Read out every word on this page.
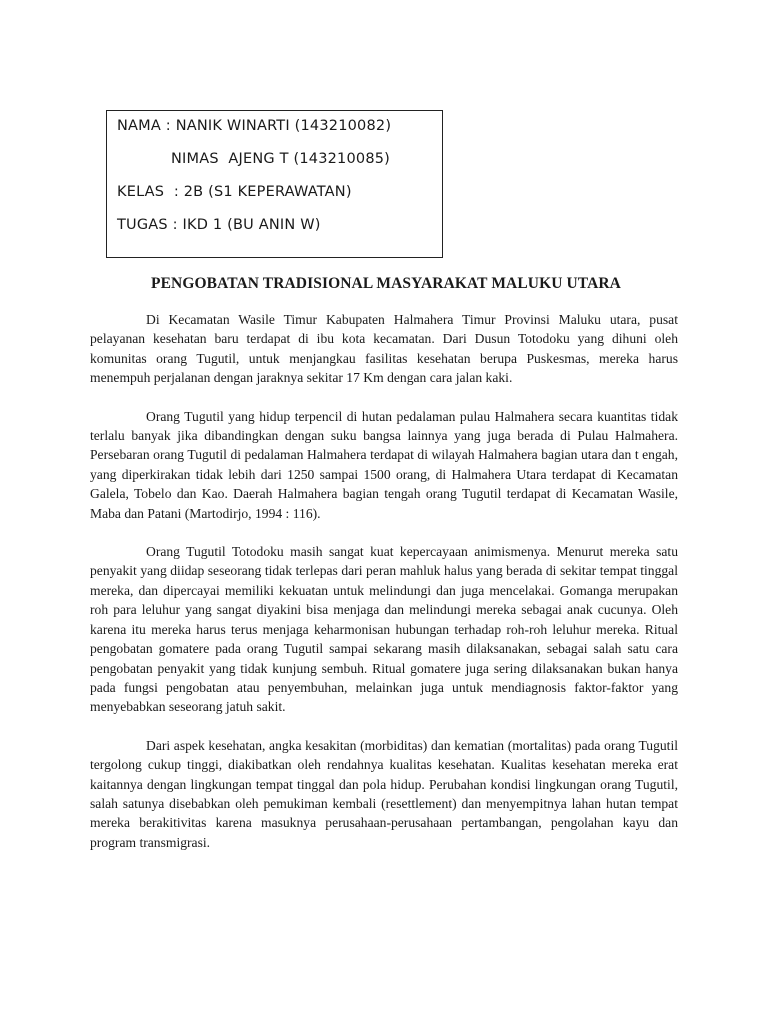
NAMA : NANIK WINARTI (143210082)
NIMAS  AJENG T (143210085)
KELAS  : 2B (S1 KEPERAWATAN)
TUGAS : IKD 1 (BU ANIN W)
PENGOBATAN TRADISIONAL MASYARAKAT MALUKU UTARA

Di Kecamatan Wasile Timur Kabupaten Halmahera Timur Provinsi Maluku utara, pusat pelayanan kesehatan baru terdapat di ibu kota kecamatan. Dari Dusun Totodoku yang dihuni oleh komunitas orang Tugutil, untuk menjangkau fasilitas kesehatan berupa Puskesmas, mereka harus menempuh perjalanan dengan jaraknya sekitar 17 Km dengan cara jalan kaki.

Orang Tugutil yang hidup terpencil di hutan pedalaman pulau Halmahera secara kuantitas tidak terlalu banyak jika dibandingkan dengan suku bangsa lainnya yang juga berada di Pulau Halmahera. Persebaran orang Tugutil di pedalaman Halmahera terdapat di wilayah Halmahera bagian utara dan t engah, yang diperkirakan tidak lebih dari 1250 sampai 1500 orang, di Halmahera Utara terdapat di Kecamatan Galela, Tobelo dan Kao. Daerah Halmahera bagian tengah orang Tugutil terdapat di Kecamatan Wasile, Maba dan Patani (Martodirjo, 1994 : 116).

Orang Tugutil Totodoku masih sangat kuat kepercayaan animismenya. Menurut mereka satu penyakit yang diidap seseorang tidak terlepas dari peran mahluk halus yang berada di sekitar tempat tinggal mereka, dan dipercayai memiliki kekuatan untuk melindungi dan juga mencelakai. Gomanga merupakan roh para leluhur yang sangat diyakini bisa menjaga dan melindungi mereka sebagai anak cucunya. Oleh karena itu mereka harus terus menjaga keharmonisan hubungan terhadap roh-roh leluhur mereka. Ritual pengobatan gomatere pada orang Tugutil sampai sekarang masih dilaksanakan, sebagai salah satu cara pengobatan penyakit yang tidak kunjung sembuh. Ritual gomatere juga sering dilaksanakan bukan hanya pada fungsi pengobatan atau penyembuhan, melainkan juga untuk mendiagnosis faktor-faktor yang menyebabkan seseorang jatuh sakit.

Dari aspek kesehatan, angka kesakitan (morbiditas) dan kematian (mortalitas) pada orang Tugutil tergolong cukup tinggi, diakibatkan oleh rendahnya kualitas kesehatan. Kualitas kesehatan mereka erat kaitannya dengan lingkungan tempat tinggal dan pola hidup. Perubahan kondisi lingkungan orang Tugutil, salah satunya disebabkan oleh pemukiman kembali (resettlement) dan menyempitnya lahan hutan tempat mereka berakitivitas karena masuknya perusahaan-perusahaan pertambangan, pengolahan kayu dan program transmigrasi.
